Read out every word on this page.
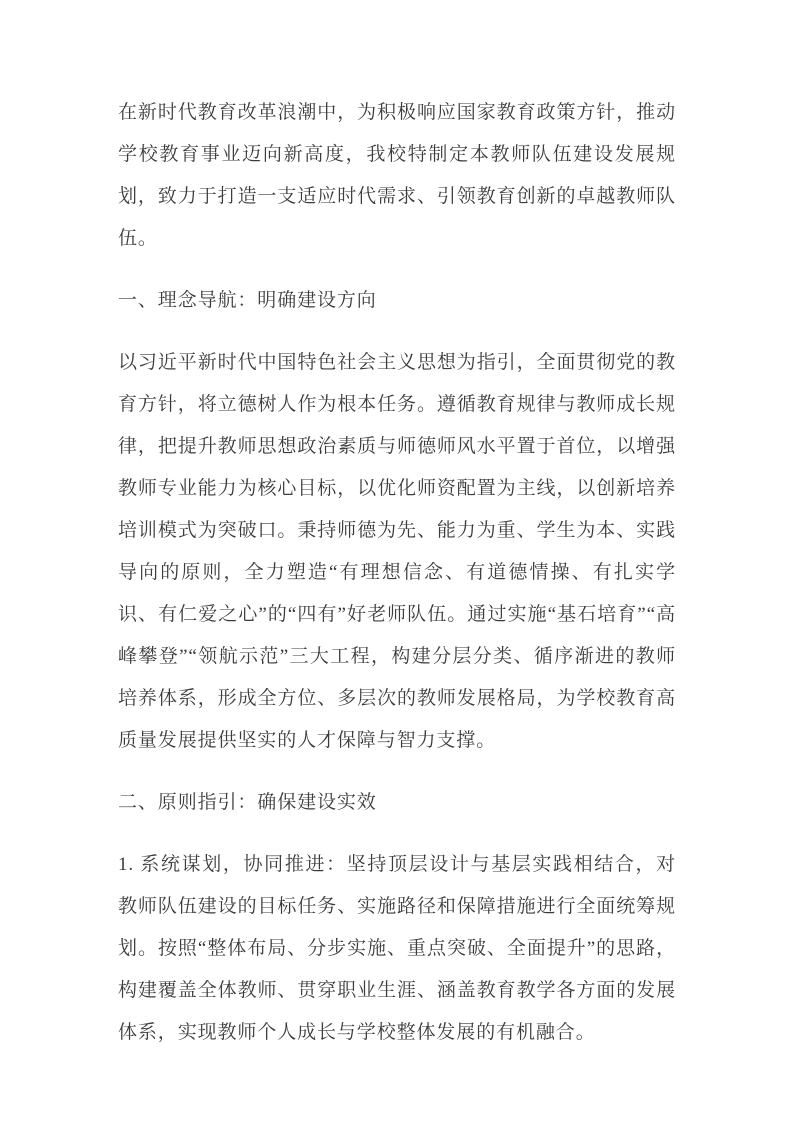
在新时代教育改革浪潮中，为积极响应国家教育政策方针，推动学校教育事业迈向新高度，我校特制定本教师队伍建设发展规划，致力于打造一支适应时代需求、引领教育创新的卓越教师队伍。

一、理念导航：明确建设方向

以习近平新时代中国特色社会主义思想为指引，全面贯彻党的教育方针，将立德树人作为根本任务。遵循教育规律与教师成长规律，把提升教师思想政治素质与师德师风水平置于首位，以增强教师专业能力为核心目标，以优化师资配置为主线，以创新培养培训模式为突破口。秉持师德为先、能力为重、学生为本、实践导向的原则，全力塑造“有理想信念、有道德情操、有扎实学识、有仁爱之心”的“四有”好老师队伍。通过实施“基石培育”“高峰攀登”“领航示范”三大工程，构建分层分类、循序渐进的教师培养体系，形成全方位、多层次的教师发展格局，为学校教育高质量发展提供坚实的人才保障与智力支撑。

二、原则指引：确保建设实效

1. 系统谋划，协同推进：坚持顶层设计与基层实践相结合，对教师队伍建设的目标任务、实施路径和保障措施进行全面统筹规划。按照“整体布局、分步实施、重点突破、全面提升”的思路，构建覆盖全体教师、贯穿职业生涯、涵盖教育教学各方面的发展体系，实现教师个人成长与学校整体发展的有机融合。
